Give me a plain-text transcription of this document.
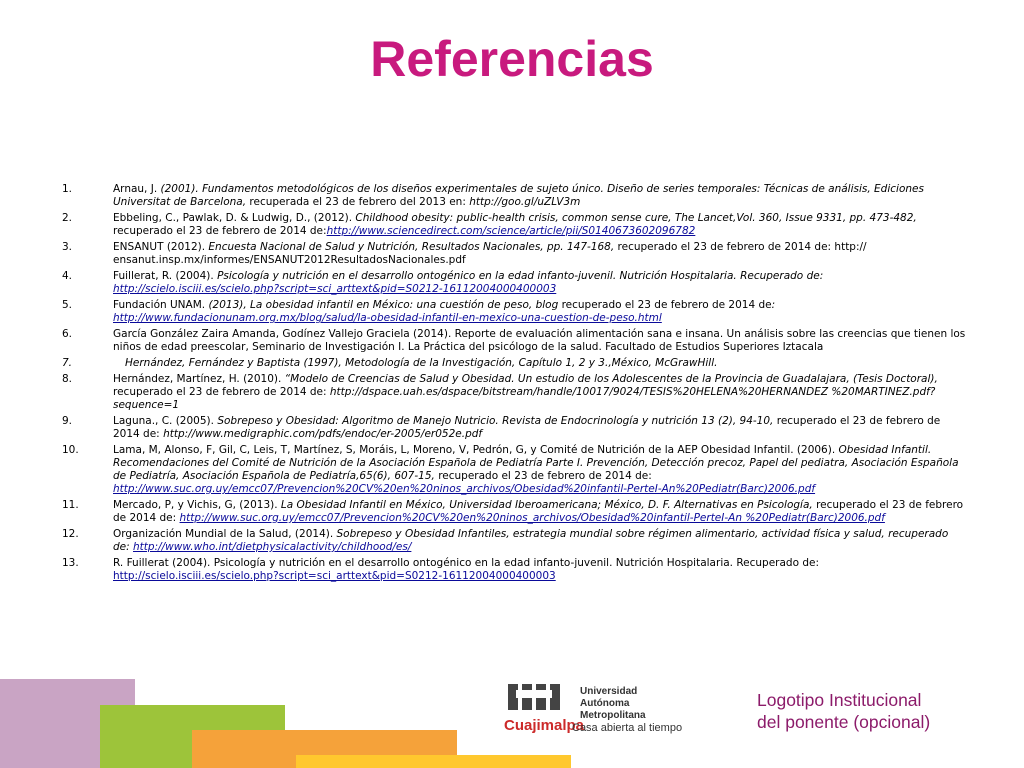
Referencias
1.	Arnau, J. (2001). Fundamentos metodológicos de los diseños experimentales de sujeto único. Diseño de series temporales: Técnicas de análisis, Ediciones Universitat de Barcelona, recuperada el 23 de febrero del 2013 en: http://goo.gl/uZLV3m
2.	Ebbeling, C., Pawlak, D. & Ludwig, D., (2012). Childhood obesity: public-health crisis, common sense cure, The Lancet,Vol. 360, Issue 9331, pp. 473-482, recuperado el 23 de febrero de 2014 de:http://www.sciencedirect.com/science/article/pii/S0140673602096782
3.	ENSANUT (2012). Encuesta Nacional de Salud y Nutrición, Resultados Nacionales, pp. 147-168, recuperado el 23 de febrero de 2014 de: http:// ensanut.insp.mx/informes/ENSANUT2012ResultadosNacionales.pdf
4.	Fuillerat, R. (2004). Psicología y nutrición en el desarrollo ontogénico en la edad infanto-juvenil. Nutrición Hospitalaria. Recuperado de: http://scielo.isciii.es/scielo.php?script=sci_arttext&pid=S0212-16112004000400003
5.	Fundación UNAM. (2013), La obesidad infantil en México: una cuestión de peso, blog recuperado el 23 de febrero de 2014 de: http://www.fundacionunam.org.mx/blog/salud/la-obesidad-infantil-en-mexico-una-cuestion-de-peso.html
6.	García González Zaira Amanda, Godínez Vallejo Graciela (2014). Reporte de evaluación alimentación sana e insana. Un análisis sobre las creencias que tienen los niños de edad preescolar, Seminario de Investigación I. La Práctica del psicólogo de la salud. Facultado de Estudios Superiores Iztacala
7.	Hernández, Fernández y Baptista (1997), Metodología de la Investigación, Capítulo 1, 2 y 3.,México, McGrawHill.
8.	Hernández, Martínez, H. (2010). “Modelo de Creencias de Salud y Obesidad. Un estudio de los Adolescentes de la Provincia de Guadalajara, (Tesis Doctoral), recuperado el 23 de febrero de 2014 de: http://dspace.uah.es/dspace/bitstream/handle/10017/9024/TESIS%20HELENA%20HERNANDEZ %20MARTINEZ.pdf?sequence=1
9.	Laguna., C. (2005). Sobrepeso y Obesidad: Algoritmo de Manejo Nutricio. Revista de Endocrinología y nutrición 13 (2), 94-10, recuperado el 23 de febrero de 2014 de: http://www.medigraphic.com/pdfs/endoc/er-2005/er052e.pdf
10.	Lama, M, Alonso, F, Gil, C, Leis, T, Martínez, S, Moráis, L, Moreno, V, Pedrón, G, y Comité de Nutrición de la AEP Obesidad Infantil. (2006). Obesidad Infantil. Recomendaciones del Comité de Nutrición de la Asociación Española de Pediatría Parte I. Prevención, Detección precoz, Papel del pediatra, Asociación Española de Pediatría, Asociación Española de Pediatría,65(6), 607-15, recuperado el 23 de febrero de 2014 de: http://www.suc.org.uy/emcc07/Prevencion%20CV%20en%20ninos_archivos/Obesidad%20infantil-PerteI-An%20Pediatr(Barc)2006.pdf
11.	Mercado, P, y Vichis, G, (2013). La Obesidad Infantil en México, Universidad Iberoamericana; México, D. F. Alternativas en Psicología, recuperado el 23 de febrero de 2014 de: http://www.suc.org.uy/emcc07/Prevencion%20CV%20en%20ninos_archivos/Obesidad%20infantil-PerteI-An %20Pediatr(Barc)2006.pdf
12.	Organización Mundial de la Salud, (2014). Sobrepeso y Obesidad Infantiles, estrategia mundial sobre régimen alimentario, actividad física y salud, recuperado de: http://www.who.int/dietphysicalactivity/childhood/es/
13.	R. Fuillerat (2004). Psicología y nutrición en el desarrollo ontogénico en la edad infanto-juvenil. Nutrición Hospitalaria. Recuperado de: http://scielo.isciii.es/scielo.php?script=sci_arttext&pid=S0212-16112004000400003
Cuajimalpa
Universidad
Autónoma
Metropolitana
Casa abierta al tiempo
Logotipo Institucional
del ponente (opcional)
